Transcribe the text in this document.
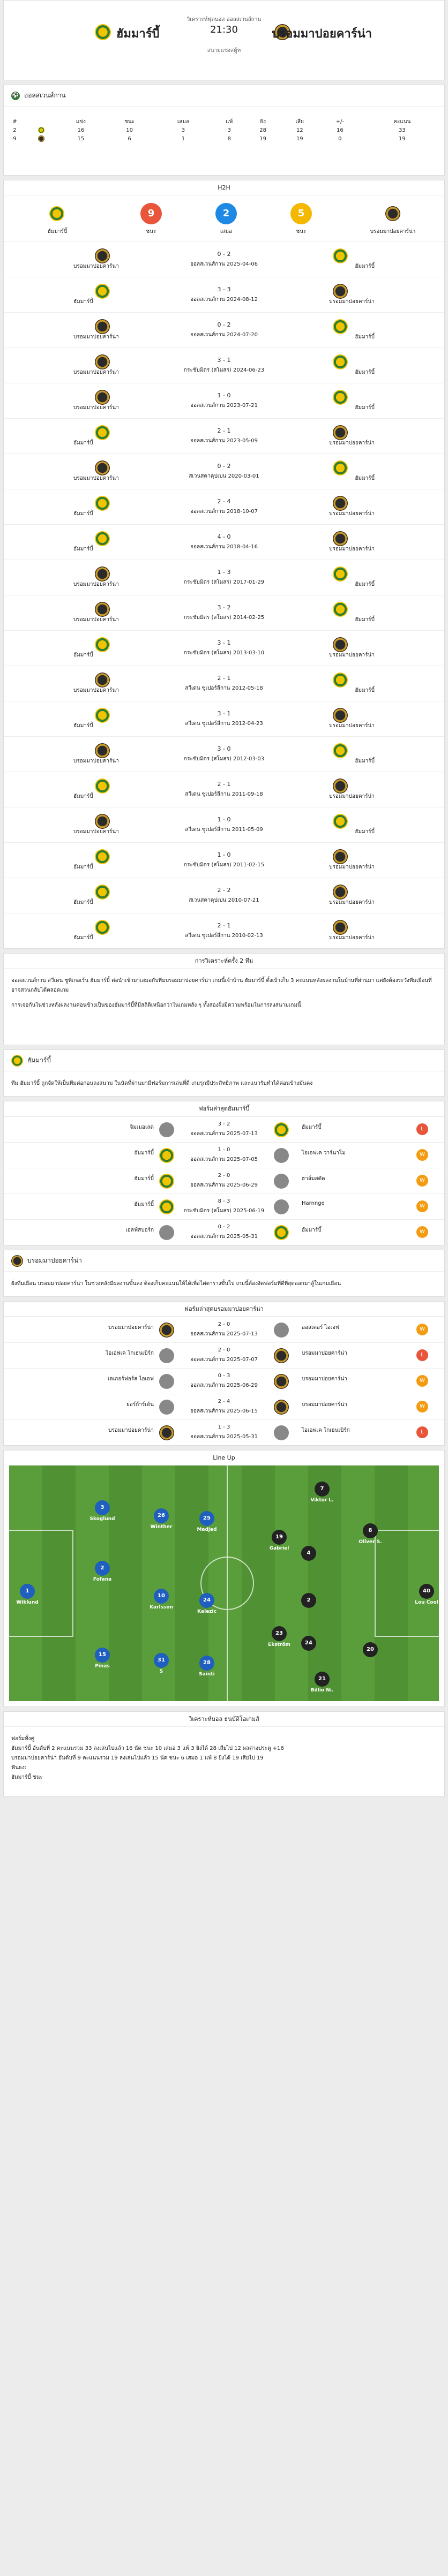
วิเคราะห์ฟุตบอล ออลสเวนส์กาน
ฮัมมาร์บี้	21:30	บรอมมาปอยคาร์น่า
สนามแข่งสตู้ท
⚽ ออลสเวนส์กาน
#		แข่ง	ชนะ	เสมอ	แพ้	ยิง	เสีย	+/-	คะแนน
2		16	10	3	3	28	12	16	33
9		15	6	1	8	19	19	0	19
H2H
ฮัมมาร์บี้
9
ชนะ
2
เสมอ
5
ชนะ	บรอมมาปอยคาร์น่า
บรอมมาปอยคาร์น่า
0 - 2
ออลสเวนส์กาน 2025-04-06	ฮัมมาร์บี้
ฮัมมาร์บี้
3 - 3
ออลสเวนส์กาน 2024-08-12	บรอมมาปอยคาร์น่า
บรอมมาปอยคาร์น่า
0 - 2
ออลสเวนส์กาน 2024-07-20	ฮัมมาร์บี้
บรอมมาปอยคาร์น่า
3 - 1
กระชับมิตร (สโมสร) 2024-06-23	ฮัมมาร์บี้
บรอมมาปอยคาร์น่า
1 - 0
ออลสเวนส์กาน 2023-07-21	ฮัมมาร์บี้
ฮัมมาร์บี้
2 - 1
ออลสเวนส์กาน 2023-05-09	บรอมมาปอยคาร์น่า
บรอมมาปอยคาร์น่า
0 - 2
สเวนสคาคุปเปน 2020-03-01	ฮัมมาร์บี้
ฮัมมาร์บี้
2 - 4
ออลสเวนส์กาน 2018-10-07	บรอมมาปอยคาร์น่า
ฮัมมาร์บี้
4 - 0
ออลสเวนส์กาน 2018-04-16	บรอมมาปอยคาร์น่า
บรอมมาปอยคาร์น่า
1 - 3
กระชับมิตร (สโมสร) 2017-01-29	ฮัมมาร์บี้
บรอมมาปอยคาร์น่า
3 - 2
กระชับมิตร (สโมสร) 2014-02-25	ฮัมมาร์บี้
ฮัมมาร์บี้
3 - 1
กระชับมิตร (สโมสร) 2013-03-10	บรอมมาปอยคาร์น่า
บรอมมาปอยคาร์น่า
2 - 1
สวีเดน ซูเปอร์ลีกาน 2012-05-18	ฮัมมาร์บี้
ฮัมมาร์บี้
3 - 1
สวีเดน ซูเปอร์ลีกาน 2012-04-23	บรอมมาปอยคาร์น่า
บรอมมาปอยคาร์น่า
3 - 0
กระชับมิตร (สโมสร) 2012-03-03	ฮัมมาร์บี้
ฮัมมาร์บี้
2 - 1
สวีเดน ซูเปอร์ลีกาน 2011-09-18	บรอมมาปอยคาร์น่า
บรอมมาปอยคาร์น่า
1 - 0
สวีเดน ซูเปอร์ลีกาน 2011-05-09	ฮัมมาร์บี้
ฮัมมาร์บี้
1 - 0
กระชับมิตร (สโมสร) 2011-02-15	บรอมมาปอยคาร์น่า
ฮัมมาร์บี้
2 - 2
สเวนสคาคุปเปน 2010-07-21	บรอมมาปอยคาร์น่า
ฮัมมาร์บี้
2 - 1
สวีเดน ซูเปอร์ลีกาน 2010-02-13	บรอมมาปอยคาร์น่า
การวิเคราะห์ครั้ง 2 ทีม

ออลสเวนส์กาน สวีเดน ซูพิเกอเร้น ฮัมมาร์บี้ ต่อนำเข้ามาเสมอกับทีมบรอมมาปอยคาร์น่า เกมนี้เจ้าบ้าน ฮัมมาร์บี้ ตั้งเป้าเก็บ 3 คะแนนหลังผลงานในบ้านที่ผ่านมา แต่ยังต้องระวังทีมเยือนที่อาจสวนกลับได้ตลอดเกม

การเจอกันในช่วงหลังผลงานค่อนข้างเป็นของฮัมมาร์บี้ที่มีสถิติเหนือกว่าในเกมหลัง ๆ ทั้งสองฝั่งมีความพร้อมในการลงสนามเกมนี้

ฮัมมาร์บี้
ทีม ฮัมมาร์บี้ ถูกจัดให้เป็นทีมต่อก่อนลงสนาม ในนัดที่ผ่านมามีฟอร์มการเล่นที่ดี เกมรุกมีประสิทธิภาพ และแนวรับทำได้ค่อนข้างมั่นคง
ฟอร์มล่าสุดฮัมมาร์บี้
จิมเมอเลด
3 - 2
ออลสเวนส์กาน 2025-07-13
ฮัมมาร์บี้	L
ฮัมมาร์บี้
1 - 0
ออลสเวนส์กาน 2025-07-05
ไอเอฟเค วาร์นาโม	W
ฮัมมาร์บี้
2 - 0
ออลสเวนส์กาน 2025-06-29
ฮาล์มสตัด	W
ฮัมมาร์บี้
8 - 3
กระชับมิตร (สโมสร) 2025-06-19
Harnnge	W
เอลฟ์สบอร์ก
0 - 2
ออลสเวนส์กาน 2025-05-31
ฮัมมาร์บี้	W
บรอมมาปอยคาร์น่า
ฝั่งทีมเยือน บรอมมาปอยคาร์น่า ในช่วงหลังมีผลงานขึ้นลง ต้องเก็บคะแนนให้ได้เพื่อไต่ตารางขึ้นไป เกมนี้ต้องงัดฟอร์มที่ดีที่สุดออกมาสู้ในเกมเยือน
ฟอร์มล่าสุดบรอมมาปอยคาร์น่า
บรอมมาปอยคาร์น่า
2 - 0
ออลสเวนส์กาน 2025-07-13
ออสเตอร์ ไอเอฟ	W
ไอเอฟเค โกเธนเบิร์ก
2 - 0
ออลสเวนส์กาน 2025-07-07
บรอมมาปอยคาร์น่า	L
เดเกอร์ฟอร์ส ไอเอฟ
0 - 3
ออลสเวนส์กาน 2025-06-29
บรอมมาปอยคาร์น่า	W
ยอร์ก้าร์เด้น
2 - 4
ออลสเวนส์กาน 2025-06-15
บรอมมาปอยคาร์น่า	W
บรอมมาปอยคาร์น่า
1 - 3
ออลสเวนส์กาน 2025-05-31
ไอเอฟเค โกเธนเบิร์ก	L
Line Up
1
Wiklund
3
Skoglund
26
Winther
25
Madjed
2
Fofana
10
Karlsson
24
Kalezic
15
Pinas
31
S
28
Sainti
40
Lou Cool
7
Viktor L.
8
Oliver S.
19
Gabriel
4
2
23
Ekström	24
20
21
Billio Ni.
วิเคราะห์บอล ธนบัติโอเกมส์

ฟอร์มทั้งคู่

ฮัมมาร์บี้ อันดับที่ 2 คะแนนรวม 33 ลงเล่นไปแล้ว 16 นัด ชนะ 10 เสมอ 3 แพ้ 3 ยิงได้ 28 เสียไป 12 ผลต่างประตู +16

บรอมมาปอยคาร์น่า อันดับที่ 9 คะแนนรวม 19 ลงเล่นไปแล้ว 15 นัด ชนะ 6 เสมอ 1 แพ้ 8 ยิงได้ 19 เสียไป 19

ฟันธง:

ฮัมมาร์บี้ ชนะ
